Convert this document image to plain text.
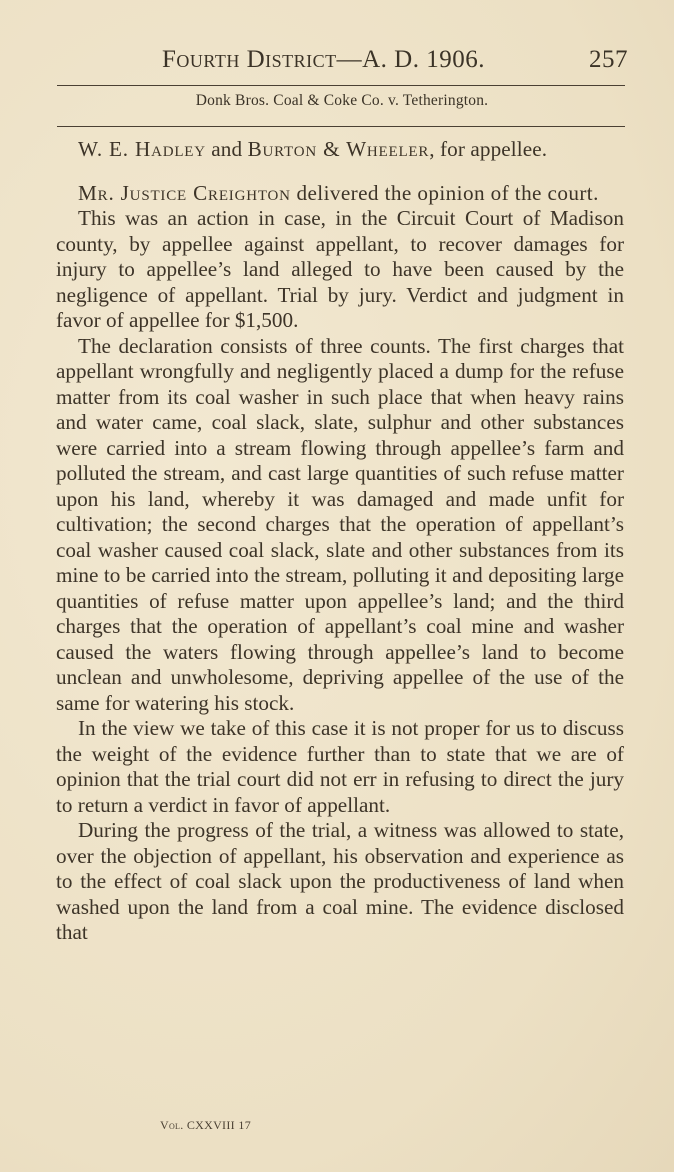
Fourth District—A. D. 1906.	257
Donk Bros. Coal & Coke Co. v. Tetherington.

W. E. Hadley and Burton & Wheeler, for appellee.

Mr. Justice Creighton delivered the opinion of the court.

This was an action in case, in the Circuit Court of Madison county, by appellee against appellant, to recover damages for injury to appellee’s land alleged to have been caused by the negligence of appellant. Trial by jury. Verdict and judgment in favor of appellee for $1,500.

The declaration consists of three counts. The first charges that appellant wrongfully and negligently placed a dump for the refuse matter from its coal washer in such place that when heavy rains and water came, coal slack, slate, sulphur and other substances were carried into a stream flowing through appellee’s farm and polluted the stream, and cast large quantities of such refuse matter upon his land, whereby it was damaged and made unfit for cultivation; the second charges that the operation of appellant’s coal washer caused coal slack, slate and other substances from its mine to be carried into the stream, polluting it and depositing large quantities of refuse matter upon appellee’s land; and the third charges that the operation of appellant’s coal mine and washer caused the waters flowing through appellee’s land to become unclean and unwholesome, depriving appellee of the use of the same for watering his stock.

In the view we take of this case it is not proper for us to discuss the weight of the evidence further than to state that we are of opinion that the trial court did not err in refusing to direct the jury to return a verdict in favor of appellant.

During the progress of the trial, a witness was allowed to state, over the objection of appellant, his observation and experience as to the effect of coal slack upon the productiveness of land when washed upon the land from a coal mine. The evidence disclosed that

Vol. CXXVIII 17
